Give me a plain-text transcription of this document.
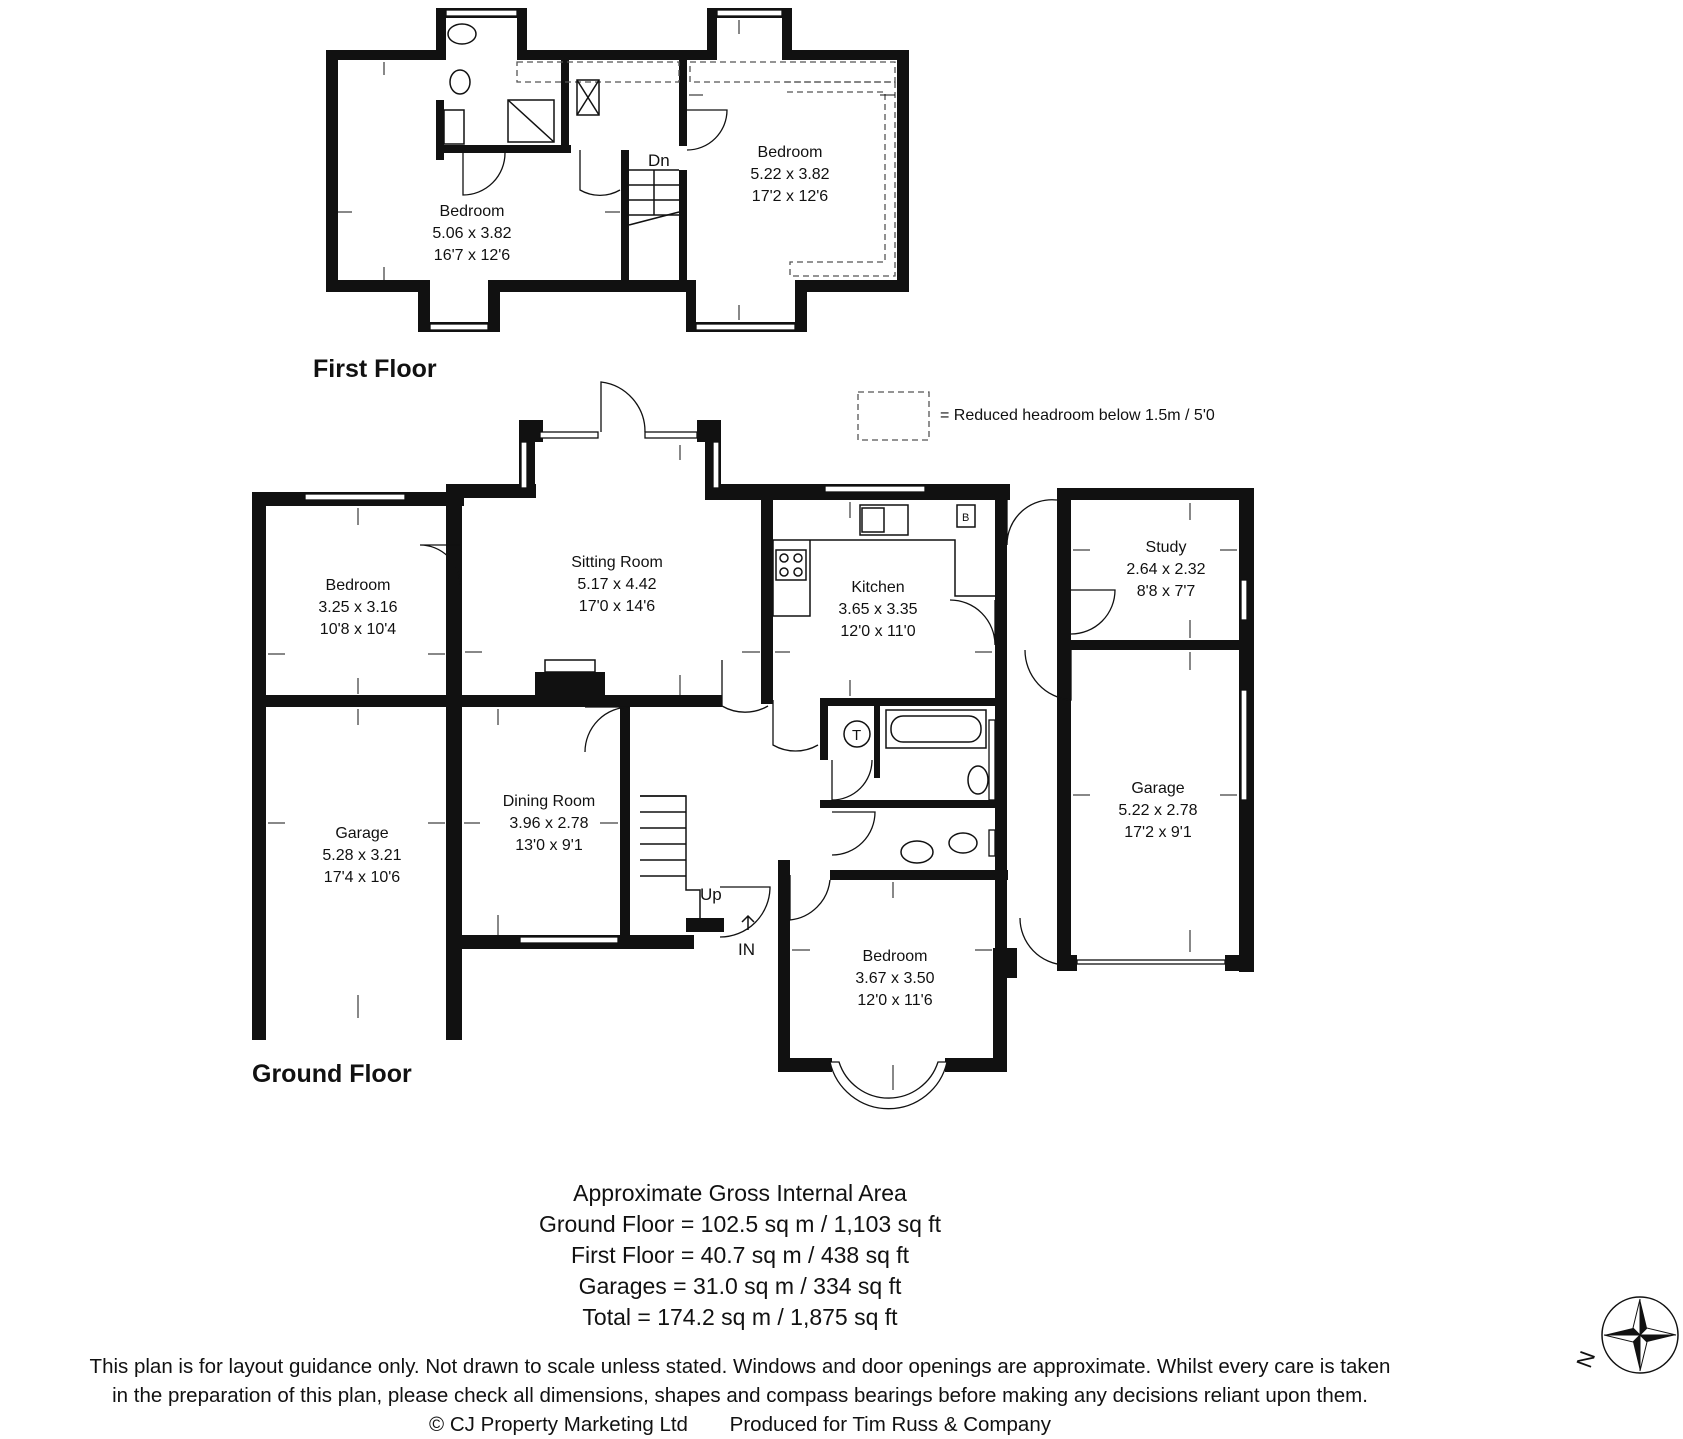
Bedroom
5.06 x 3.82
16'7 x 12'6
Bedroom
5.22 x 3.82
17'2 x 12'6
Dn
First Floor
= Reduced headroom below 1.5m / 5'0
B
T
Up
IN
Sitting Room
5.17 x 4.42
17'0 x 14'6
Bedroom
3.25 x 3.16
10'8 x 10'4
Kitchen
3.65 x 3.35
12'0 x 11'0
Study
2.64 x 2.32
8'8 x 7'7
Garage
5.28 x 3.21
17'4 x 10'6
Dining Room
3.96 x 2.78
13'0 x 9'1
Garage
5.22 x 2.78
17'2 x 9'1
Bedroom
3.67 x 3.50
12'0 x 11'6
Ground Floor
N
Approximate Gross Internal Area
Ground Floor = 102.5 sq m / 1,103 sq ft
First Floor = 40.7 sq m / 438 sq ft
Garages = 31.0 sq m / 334 sq ft
Total = 174.2 sq m / 1,875 sq ft
This plan is for layout guidance only. Not drawn to scale unless stated. Windows and door openings are approximate. Whilst every care is taken
in the preparation of this plan, please check all dimensions, shapes and compass bearings before making any decisions reliant upon them.
© CJ Property Marketing Ltd Produced for Tim Russ & Company
